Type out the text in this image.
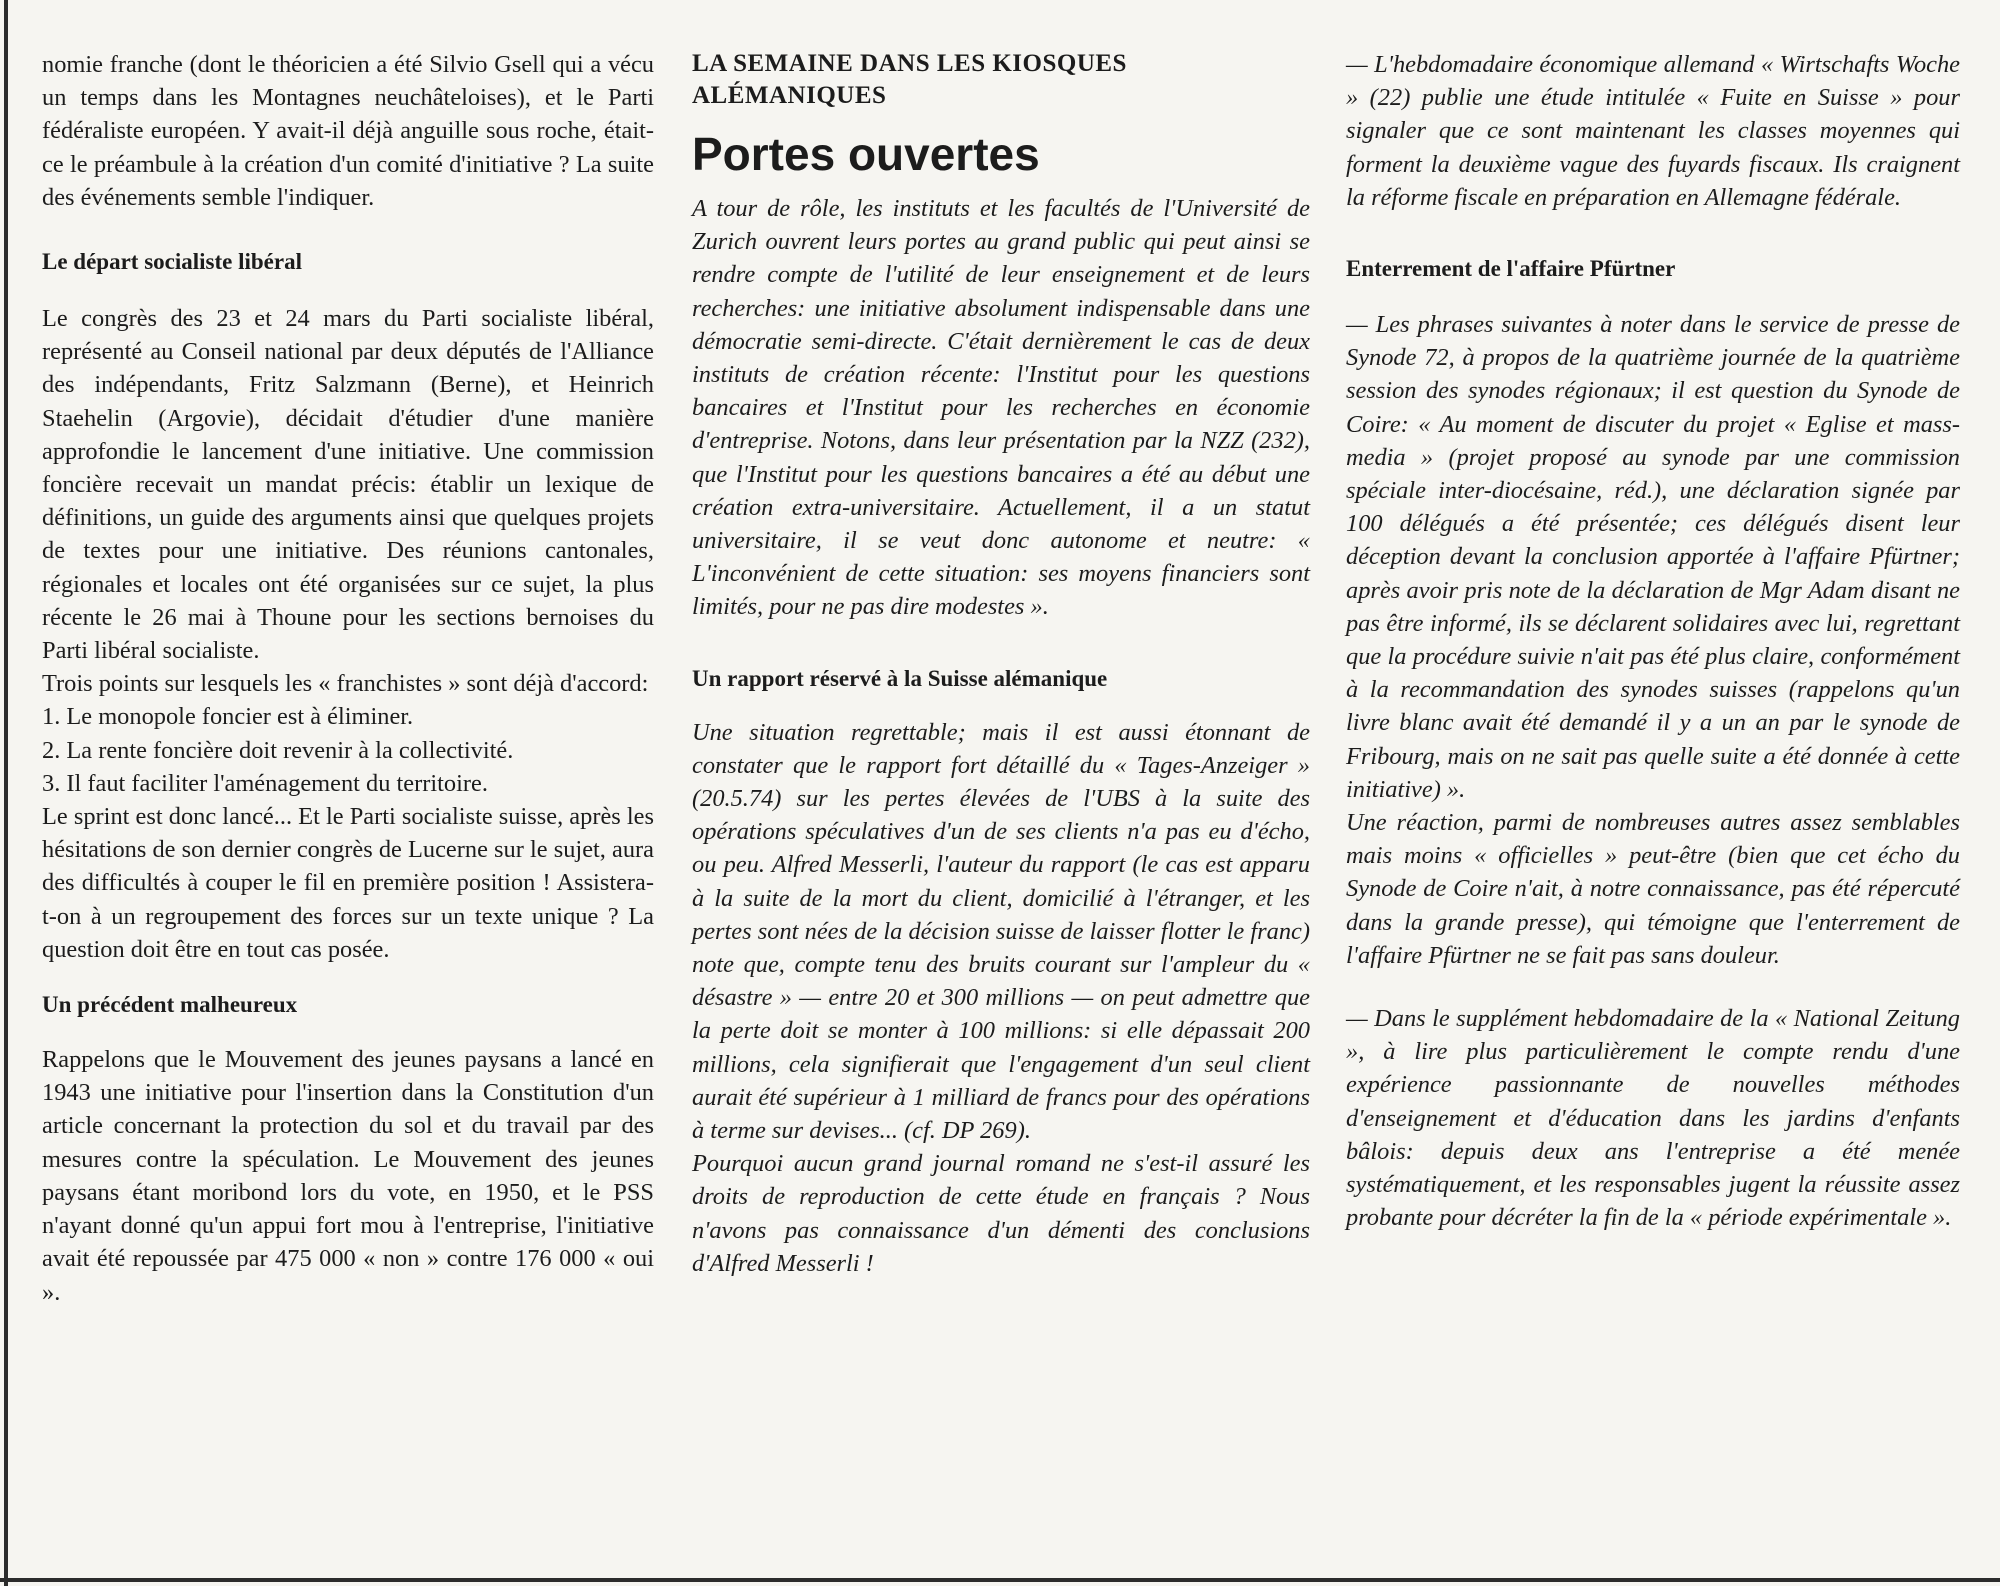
nomie franche (dont le théoricien a été Silvio Gsell qui a vécu un temps dans les Montagnes neuchâteloises), et le Parti fédéraliste européen. Y avait-il déjà anguille sous roche, était-ce le préambule à la création d'un comité d'initiative ? La suite des événements semble l'indiquer.

Le départ socialiste libéral

Le congrès des 23 et 24 mars du Parti socialiste libéral, représenté au Conseil national par deux députés de l'Alliance des indépendants, Fritz Salzmann (Berne), et Heinrich Staehelin (Argovie), décidait d'étudier d'une manière approfondie le lancement d'une initiative. Une commission foncière recevait un mandat précis: établir un lexique de définitions, un guide des arguments ainsi que quelques projets de textes pour une initiative. Des réunions cantonales, régionales et locales ont été organisées sur ce sujet, la plus récente le 26 mai à Thoune pour les sections bernoises du Parti libéral socialiste.

Trois points sur lesquels les « franchistes » sont déjà d'accord:

1. Le monopole foncier est à éliminer.

2. La rente foncière doit revenir à la collectivité.

3. Il faut faciliter l'aménagement du territoire.

Le sprint est donc lancé... Et le Parti socialiste suisse, après les hésitations de son dernier congrès de Lucerne sur le sujet, aura des difficultés à couper le fil en première position ! Assistera-t-on à un regroupement des forces sur un texte unique ? La question doit être en tout cas posée.

Un précédent malheureux

Rappelons que le Mouvement des jeunes paysans a lancé en 1943 une initiative pour l'insertion dans la Constitution d'un article concernant la protection du sol et du travail par des mesures contre la spéculation. Le Mouvement des jeunes paysans étant moribond lors du vote, en 1950, et le PSS n'ayant donné qu'un appui fort mou à l'entreprise, l'initiative avait été repoussée par 475 000 « non » contre 176 000 « oui ».

LA SEMAINE DANS LES KIOSQUES ALÉMANIQUES
Portes ouvertes

A tour de rôle, les instituts et les facultés de l'Université de Zurich ouvrent leurs portes au grand public qui peut ainsi se rendre compte de l'utilité de leur enseignement et de leurs recherches: une initiative absolument indispensable dans une démocratie semi-directe. C'était dernièrement le cas de deux instituts de création récente: l'Institut pour les questions bancaires et l'Institut pour les recherches en économie d'entreprise. Notons, dans leur présentation par la NZZ (232), que l'Institut pour les questions bancaires a été au début une création extra-universitaire. Actuellement, il a un statut universitaire, il se veut donc autonome et neutre: « L'inconvénient de cette situation: ses moyens financiers sont limités, pour ne pas dire modestes ».

Un rapport réservé à la Suisse alémanique

Une situation regrettable; mais il est aussi étonnant de constater que le rapport fort détaillé du « Tages-Anzeiger » (20.5.74) sur les pertes élevées de l'UBS à la suite des opérations spéculatives d'un de ses clients n'a pas eu d'écho, ou peu. Alfred Messerli, l'auteur du rapport (le cas est apparu à la suite de la mort du client, domicilié à l'étranger, et les pertes sont nées de la décision suisse de laisser flotter le franc) note que, compte tenu des bruits courant sur l'ampleur du « désastre » — entre 20 et 300 millions — on peut admettre que la perte doit se monter à 100 millions: si elle dépassait 200 millions, cela signifierait que l'engagement d'un seul client aurait été supérieur à 1 milliard de francs pour des opérations à terme sur devises... (cf. DP 269).

Pourquoi aucun grand journal romand ne s'est-il assuré les droits de reproduction de cette étude en français ? Nous n'avons pas connaissance d'un démenti des conclusions d'Alfred Messerli !

— L'hebdomadaire économique allemand « Wirtschafts Woche » (22) publie une étude intitulée « Fuite en Suisse » pour signaler que ce sont maintenant les classes moyennes qui forment la deuxième vague des fuyards fiscaux. Ils craignent la réforme fiscale en préparation en Allemagne fédérale.

Enterrement de l'affaire Pfürtner

— Les phrases suivantes à noter dans le service de presse de Synode 72, à propos de la quatrième journée de la quatrième session des synodes régionaux; il est question du Synode de Coire: « Au moment de discuter du projet « Eglise et mass-media » (projet proposé au synode par une commission spéciale inter-diocésaine, réd.), une déclaration signée par 100 délégués a été présentée; ces délégués disent leur déception devant la conclusion apportée à l'affaire Pfürtner; après avoir pris note de la déclaration de Mgr Adam disant ne pas être informé, ils se déclarent solidaires avec lui, regrettant que la procédure suivie n'ait pas été plus claire, conformément à la recommandation des synodes suisses (rappelons qu'un livre blanc avait été demandé il y a un an par le synode de Fribourg, mais on ne sait pas quelle suite a été donnée à cette initiative) ».

Une réaction, parmi de nombreuses autres assez semblables mais moins « officielles » peut-être (bien que cet écho du Synode de Coire n'ait, à notre connaissance, pas été répercuté dans la grande presse), qui témoigne que l'enterrement de l'affaire Pfürtner ne se fait pas sans douleur.

— Dans le supplément hebdomadaire de la « National Zeitung », à lire plus particulièrement le compte rendu d'une expérience passionnante de nouvelles méthodes d'enseignement et d'éducation dans les jardins d'enfants bâlois: depuis deux ans l'entreprise a été menée systématiquement, et les responsables jugent la réussite assez probante pour décréter la fin de la « période expérimentale ».
